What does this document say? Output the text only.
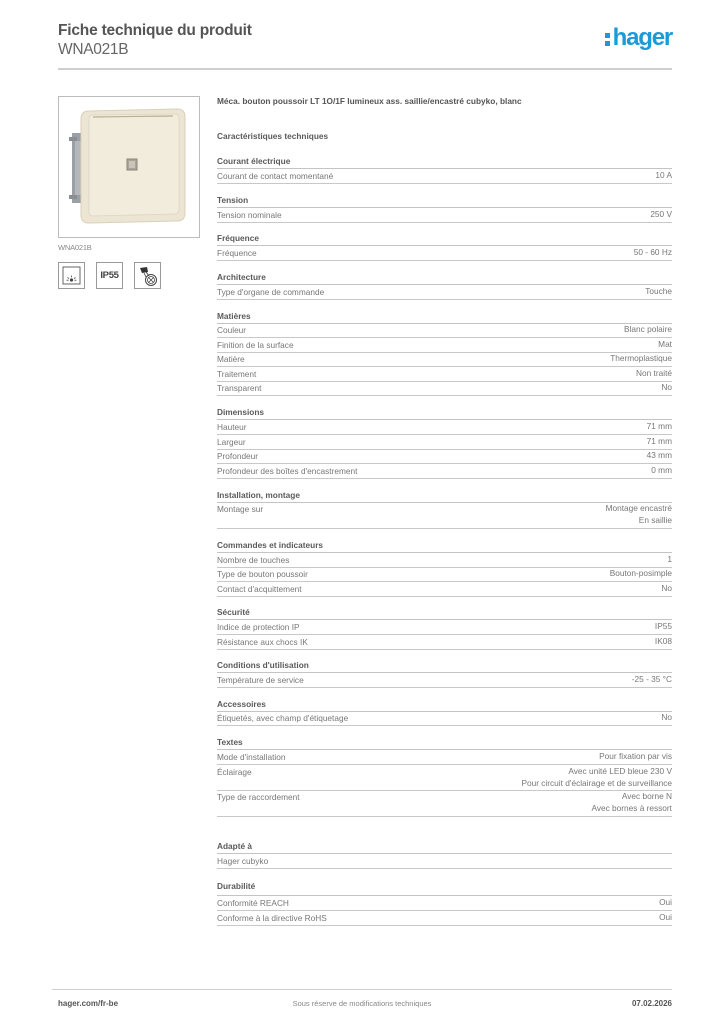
Fiche technique du produit
WNA021B	hager
WNA021B
IP55
Méca. bouton poussoir LT 1O/1F lumineux ass. saillie/encastré cubyko, blanc
Caractéristiques techniques
Courant électrique
Courant de contact momentané	10 A
Tension
Tension nominale	250 V
Fréquence
Fréquence	50 - 60 Hz
Architecture
Type d'organe de commande	Touche
Matières
Couleur	Blanc polaire
Finition de la surface	Mat
Matière	Thermoplastique
Traitement	Non traité
Transparent	No
Dimensions
Hauteur	71 mm
Largeur	71 mm
Profondeur	43 mm
Profondeur des boîtes d'encastrement	0 mm
Installation, montage
Montage sur	Montage encastré
En saillie
Commandes et indicateurs
Nombre de touches	1
Type de bouton poussoir	Bouton-posimple
Contact d'acquittement	No
Sécurité
Indice de protection IP	IP55
Résistance aux chocs IK	IK08
Conditions d'utilisation
Température de service	-25 - 35 °C
Accessoires
Étiquetés, avec champ d'étiquetage	No
Textes
Mode d'installation	Pour fixation par vis
Éclairage	Avec unité LED bleue 230 V
Pour circuit d'éclairage et de surveillance
Type de raccordement	Avec borne N
Avec bornes à ressort
Adapté à
Hager cubyko
Durabilité
Conformité REACH	Oui
Conforme à la directive RoHS	Oui
hager.com/fr-be	Sous réserve de modifications techniques	07.02.2026
